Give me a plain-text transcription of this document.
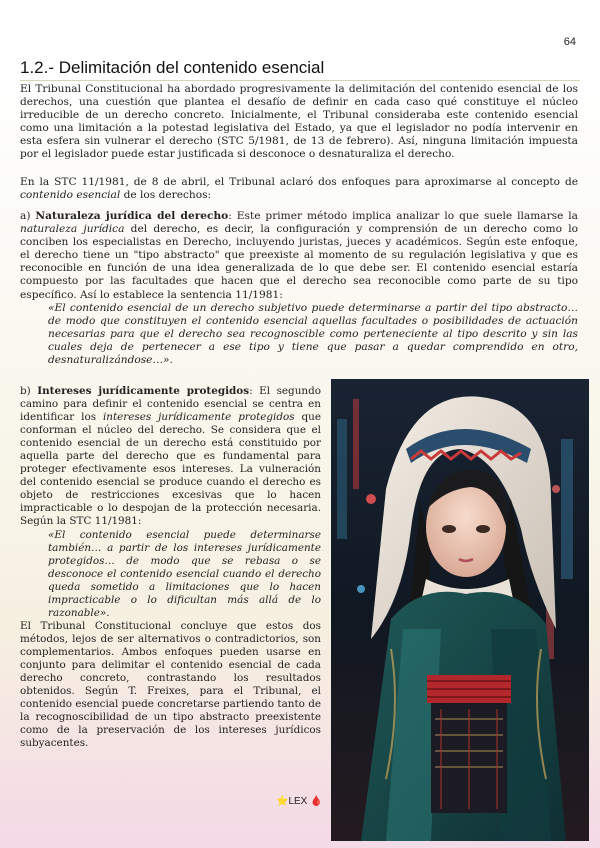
64
1.2.- Delimitación del contenido esencial

El Tribunal Constitucional ha abordado progresivamente la delimitación del contenido esencial de los derechos, una cuestión que plantea el desafío de definir en cada caso qué constituye el núcleo irreducible de un derecho concreto. Inicialmente, el Tribunal consideraba este contenido esencial como una limitación a la potestad legislativa del Estado, ya que el legislador no podía intervenir en esta esfera sin vulnerar el derecho (STC 5/1981, de 13 de febrero). Así, ninguna limitación impuesta por el legislador puede estar justificada si desconoce o desnaturaliza el derecho.

En la STC 11/1981, de 8 de abril, el Tribunal aclaró dos enfoques para aproximarse al concepto de contenido esencial de los derechos:

a) Naturaleza jurídica del derecho: Este primer método implica analizar lo que suele llamarse la naturaleza jurídica del derecho, es decir, la configuración y comprensión de un derecho como lo conciben los especialistas en Derecho, incluyendo juristas, jueces y académicos. Según este enfoque, el derecho tiene un "tipo abstracto" que preexiste al momento de su regulación legislativa y que es reconocible en función de una idea generalizada de lo que debe ser. El contenido esencial estaría compuesto por las facultades que hacen que el derecho sea reconocible como parte de su tipo específico. Así lo establece la sentencia 11/1981:

«El contenido esencial de un derecho subjetivo puede determinarse a partir del tipo abstracto… de modo que constituyen el contenido esencial aquellas facultades o posibilidades de actuación necesarias para que el derecho sea recognoscible como perteneciente al tipo descrito y sin las cuales deja de pertenecer a ese tipo y tiene que pasar a quedar comprendido en otro, desnaturalizándose…».

b) Intereses jurídicamente protegidos: El segundo camino para definir el contenido esencial se centra en identificar los intereses jurídicamente protegidos que conforman el núcleo del derecho. Se considera que el contenido esencial de un derecho está constituido por aquella parte del derecho que es fundamental para proteger efectivamente esos intereses. La vulneración del contenido esencial se produce cuando el derecho es objeto de restricciones excesivas que lo hacen impracticable o lo despojan de la protección necesaria. Según la STC 11/1981:

«El contenido esencial puede determinarse también… a partir de los intereses jurídicamente protegidos… de modo que se rebasa o se desconoce el contenido esencial cuando el derecho queda sometido a limitaciones que lo hacen impracticable o lo dificultan más allá de lo razonable».

El Tribunal Constitucional concluye que estos dos métodos, lejos de ser alternativos o contradictorios, son complementarios. Ambos enfoques pueden usarse en conjunto para delimitar el contenido esencial de cada derecho concreto, contrastando los resultados obtenidos. Según T. Freixes, para el Tribunal, el contenido esencial puede concretarse partiendo tanto de la recognoscibilidad de un tipo abstracto preexistente como de la preservación de los intereses jurídicos subyacentes.

⭐LEX 🩸
